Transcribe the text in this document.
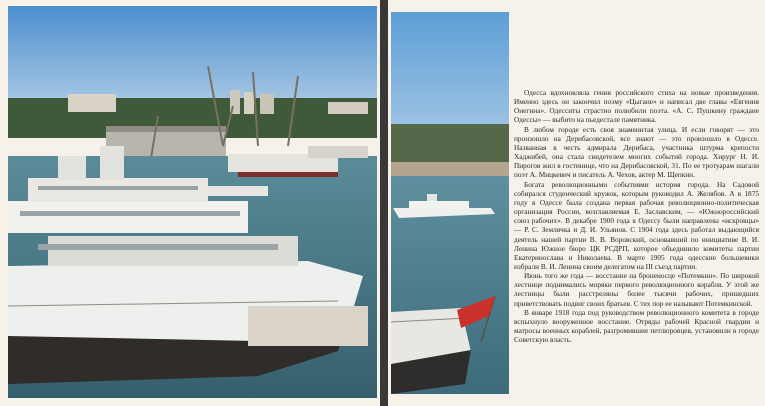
Одесса вдохновляла гения российского стиха на новые произведения. Именно здесь он закончил поэму «Цыгане» и написал две главы «Евгения Онегина». Одесситы страстно полюбили поэта. «А. С. Пушкину граждане Одессы» — выбито на пьедестале памятника.

В любом городе есть своя знаменитая улица. И если говорят — это произошло на Дерибасовской, все знают — это произошло в Одессе. Названная в честь адмирала Дерибаса, участника штурма крепости Хаджибей, она стала свидетелем многих событий города. Хирург Н. И. Пирогов жил в гостинице, что на Дерибасовской, 31. По ее тротуарам шагали поэт А. Мицкевич и писатель А. Чехов, актер М. Щепкин.

Богата революционными событиями история города. На Садовой собирался студенческий кружок, которым руководил А. Желябов. А в 1875 году в Одессе была создана первая рабочая революционно-политическая организация России, возглавляемая Е. Заславским, — «Южнороссийский союз рабочих». В декабре 1900 года в Одессу были направлены «искровцы» — Р. С. Землячка и Д. И. Ульянов. С 1904 года здесь работал выдающийся деятель нашей партии В. В. Воровский, основавший по инициативе В. И. Ленина Южное бюро ЦК РСДРП, которое объединило комитеты партии Екатеринослава и Николаева. В марте 1905 года одесские большевики избрали В. И. Ленина своим делегатом на III съезд партии.

Июнь того же года — восстание на броненосце «Потемкин». По широкой лестнице поднимались моряки первого революционного корабля. У этой же лестницы были расстреляны более тысячи рабочих, пришедших приветствовать подвиг своих братьев. С тех пор ее называют Потемкинской.

В январе 1918 года под руководством революционного комитета в городе вспыхнуло вооруженное восстание. Отряды рабочей Красной гвардии и матросы военных кораблей, разгромившие петлюровцев, установили в городе Советскую власть.
